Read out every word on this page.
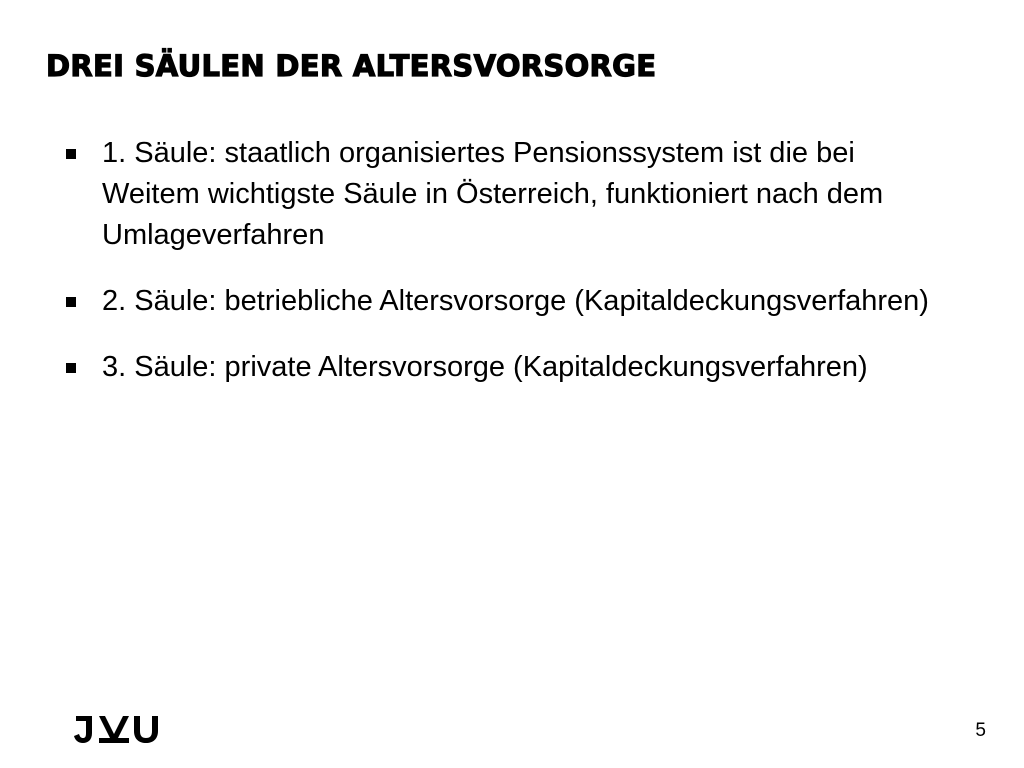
DREI SÄULEN DER ALTERSVORSORGE
1. Säule: staatlich organisiertes Pensionssystem ist die bei Weitem wichtigste Säule in Österreich, funktioniert nach dem Umlageverfahren
2. Säule: betriebliche Altersvorsorge (Kapitaldeckungsverfahren)
3. Säule: private Altersvorsorge (Kapitaldeckungsverfahren)
5
